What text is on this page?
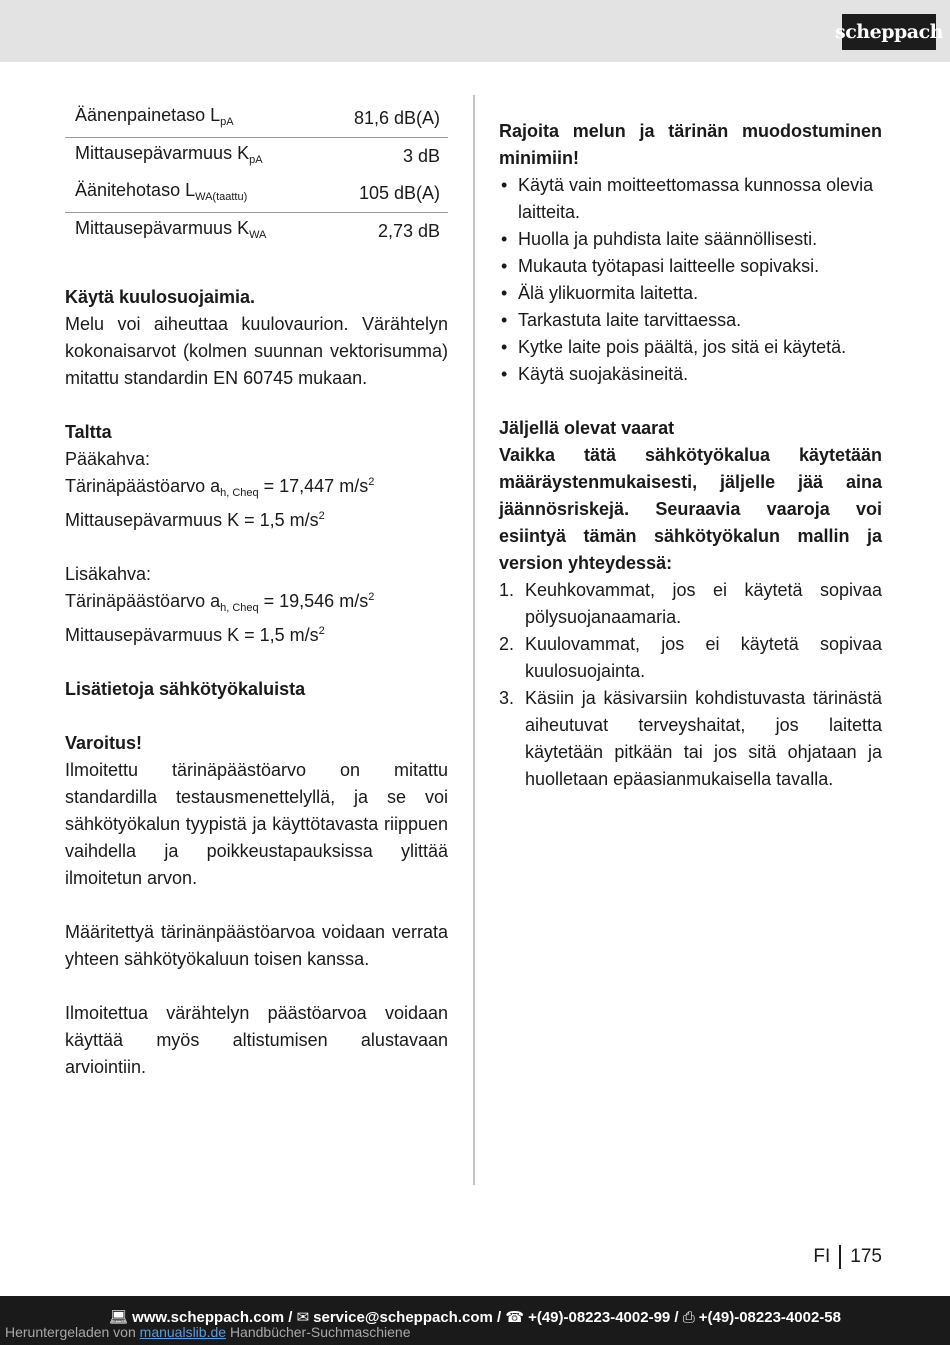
scheppach
Äänenpainetaso $L_{pA}$	81,6 dB(A)
Mittausepävarmuus $K_{pA}$	3 dB
Äänitehotaso $L_{WA(taattu)}$	105 dB(A)
Mittausepävarmuus $K_{WA}$	2,73 dB

Käytä kuulosuojaimia.

Melu voi aiheuttaa kuulovaurion. Värähtelyn kokonaisarvot (kolmen suunnan vektorisumma) mitattu standardin EN 60745 mukaan.

Taltta

Pääkahva:

Tärinäpäästöarvo $a_{h, Cheq} = 17,447$ $m/s^2$

Mittausepävarmuus K = 1,5 $m/s^2$

Lisäkahva:

Tärinäpäästöarvo $a_{h, Cheq} = 19,546$ $m/s^2$

Mittausepävarmuus K = 1,5 $m/s^2$

Lisätietoja sähkötyökaluista

Varoitus!

Ilmoitettu tärinäpäästöarvo on mitattu standardilla testausmenettelyllä, ja se voi sähkötyökalun tyypistä ja käyttötavasta riippuen vaihdella ja poikkeustapauksissa ylittää ilmoitetun arvon.

Määritettyä tärinänpäästöarvoa voidaan verrata yhteen sähkötyökaluun toisen kanssa.

Ilmoitettua värähtelyn päästöarvoa voidaan käyttää myös altistumisen alustavaan arviointiin.

Rajoita melun ja tärinän muodostuminen minimiin!

• Käytä vain moitteettomassa kunnossa olevia laitteita.
• Huolla ja puhdista laite säännöllisesti.
• Mukauta työtapasi laitteelle sopivaksi.
• Älä ylikuormita laitetta.
• Tarkastuta laite tarvittaessa.
• Kytke laite pois päältä, jos sitä ei käytetä.
• Käytä suojakäsineitä.

Jäljellä olevat vaarat

Vaikka tätä sähkötyökalua käytetään määräystenmukaisesti, jäljelle jää aina jäännösriskejä. Seuraavia vaaroja voi esiintyä tämän sähkötyökalun mallin ja version yhteydessä:

1. Keuhkovammat, jos ei käytetä sopivaa pölysuojanaamaria.
2. Kuulovammat, jos ei käytetä sopivaa kuulosuojainta.
3. Käsiin ja käsivarsiin kohdistuvasta tärinästä aiheutuvat terveyshaitat, jos laitetta käytetään pitkään tai jos sitä ohjataan ja huolletaan epäasianmukaisella tavalla.
FI 175
💻︎ www.scheppach.com / ✉ service@scheppach.com / ☎ +(49)-08223-4002-99 / ⎙ +(49)-08223-4002-58
Heruntergeladen von manualslib.de Handbücher-Suchmaschiene
